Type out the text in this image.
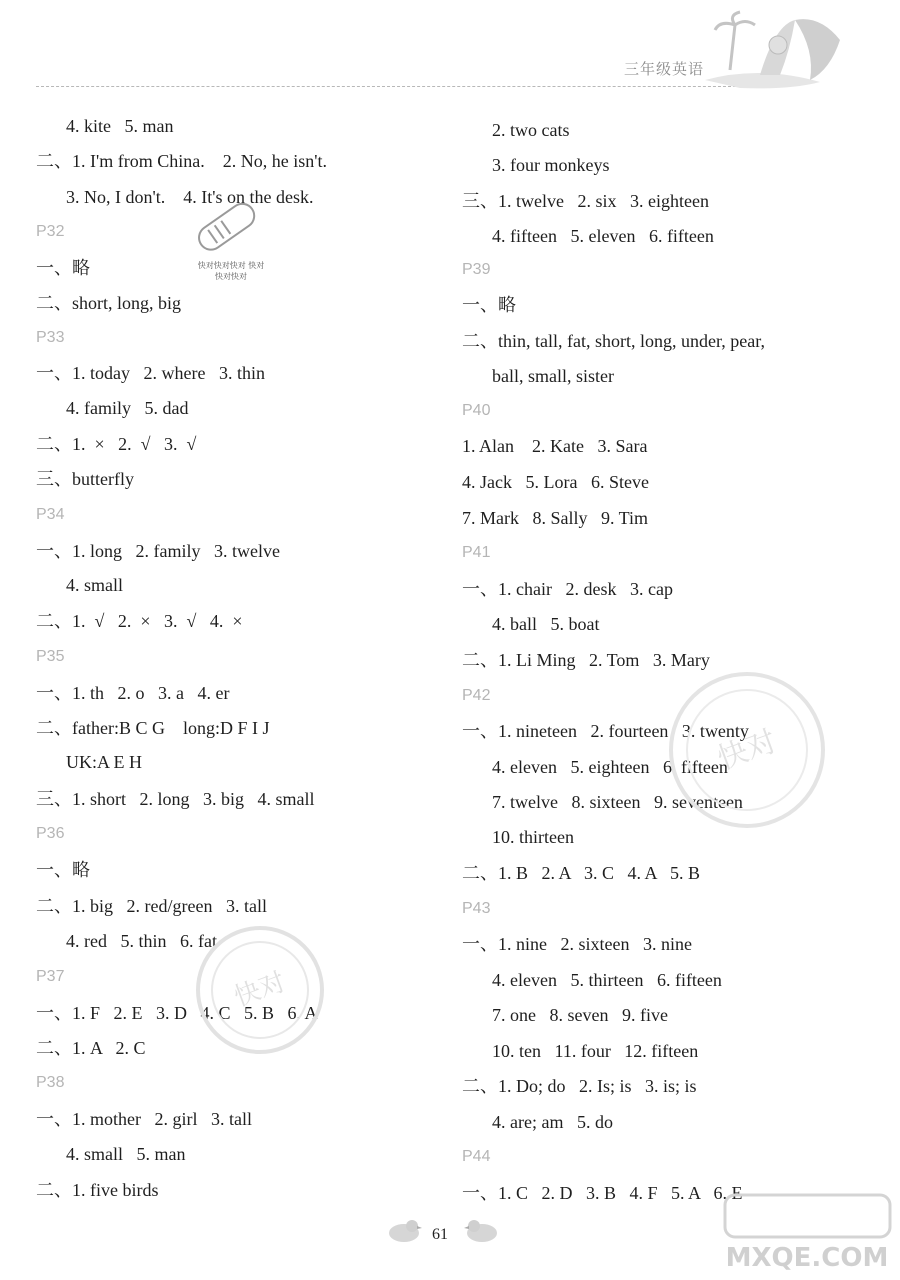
三年级英语
4. kite   5. man
二、1. I'm from China.    2. No, he isn't.
3. No, I don't.    4. It's on the desk.
P32
一、略
二、short, long, big
P33
一、1. today   2. where   3. thin
4. family   5. dad
二、1.  ×   2.  √   3.  √
三、butterfly
P34
一、1. long   2. family   3. twelve
4. small
二、1.  √   2.  ×   3.  √   4.  ×
P35
一、1. th   2. o   3. a   4. er
二、father:B C G    long:D F I J
UK:A E H
三、1. short   2. long   3. big   4. small
P36
一、略
二、1. big   2. red/green   3. tall
4. red   5. thin   6. fat
P37
一、1. F   2. E   3. D   4. C   5. B   6. A
二、1. A   2. C
P38
一、1. mother   2. girl   3. tall
4. small   5. man
二、1. five birds
2. two cats
3. four monkeys
三、1. twelve   2. six   3. eighteen
4. fifteen   5. eleven   6. fifteen
P39
一、略
二、thin, tall, fat, short, long, under, pear,
ball, small, sister
P40
1. Alan    2. Kate   3. Sara
4. Jack   5. Lora   6. Steve
7. Mark   8. Sally   9. Tim
P41
一、1. chair   2. desk   3. cap
4. ball   5. boat
二、1. Li Ming   2. Tom   3. Mary
P42
一、1. nineteen   2. fourteen   3. twenty
4. eleven   5. eighteen   6. fifteen
7. twelve   8. sixteen   9. seventeen
10. thirteen
二、1. B   2. A   3. C   4. A   5. B
P43
一、1. nine   2. sixteen   3. nine
4. eleven   5. thirteen   6. fifteen
7. one   8. seven   9. five
10. ten   11. four   12. fifteen
二、1. Do; do   2. Is; is   3. is; is
4. are; am   5. do
P44
一、1. C   2. D   3. B   4. F   5. A   6. E
快对快对快对 快对快对快对
快对
快对
61
MXQE.COM
